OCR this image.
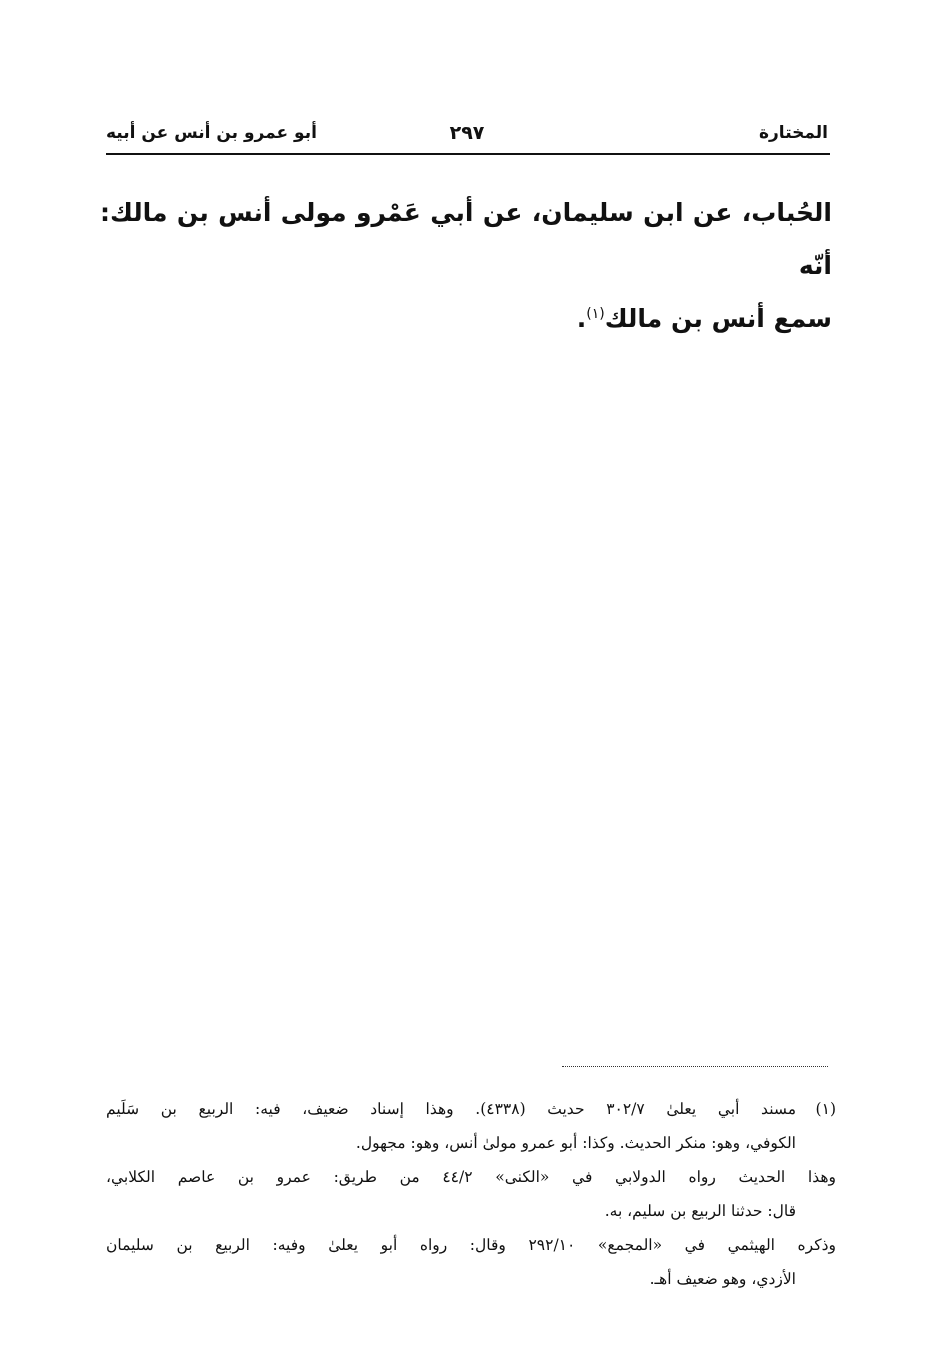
المختارة
٢٩٧
أبو عمرو بن أنس عن أبيه
الحُباب، عن ابن سليمان، عن أبي عَمْرو مولى أنس بن مالك: أنّه
سمع أنس بن مالك$^{(١)}$.
(١)
مسند أبي يعلىٰ ٣٠٢/٧ حديث (٤٣٣٨). وهذا إسناد ضعيف، فيه: الربيع بن سَلَيم
الكوفي، وهو: منكر الحديث. وكذا: أبو عمرو مولىٰ أنس، وهو: مجهول.
وهذا الحديث رواه الدولابي في «الكنى» ٤٤/٢ من طريق: عمرو بن عاصم الكلابي،
قال: حدثنا الربيع بن سليم، به.
وذكره الهيثمي في «المجمع» ٢٩٢/١٠ وقال: رواه أبو يعلىٰ وفيه: الربيع بن سليمان
الأزدي، وهو ضعيف أهـ.
